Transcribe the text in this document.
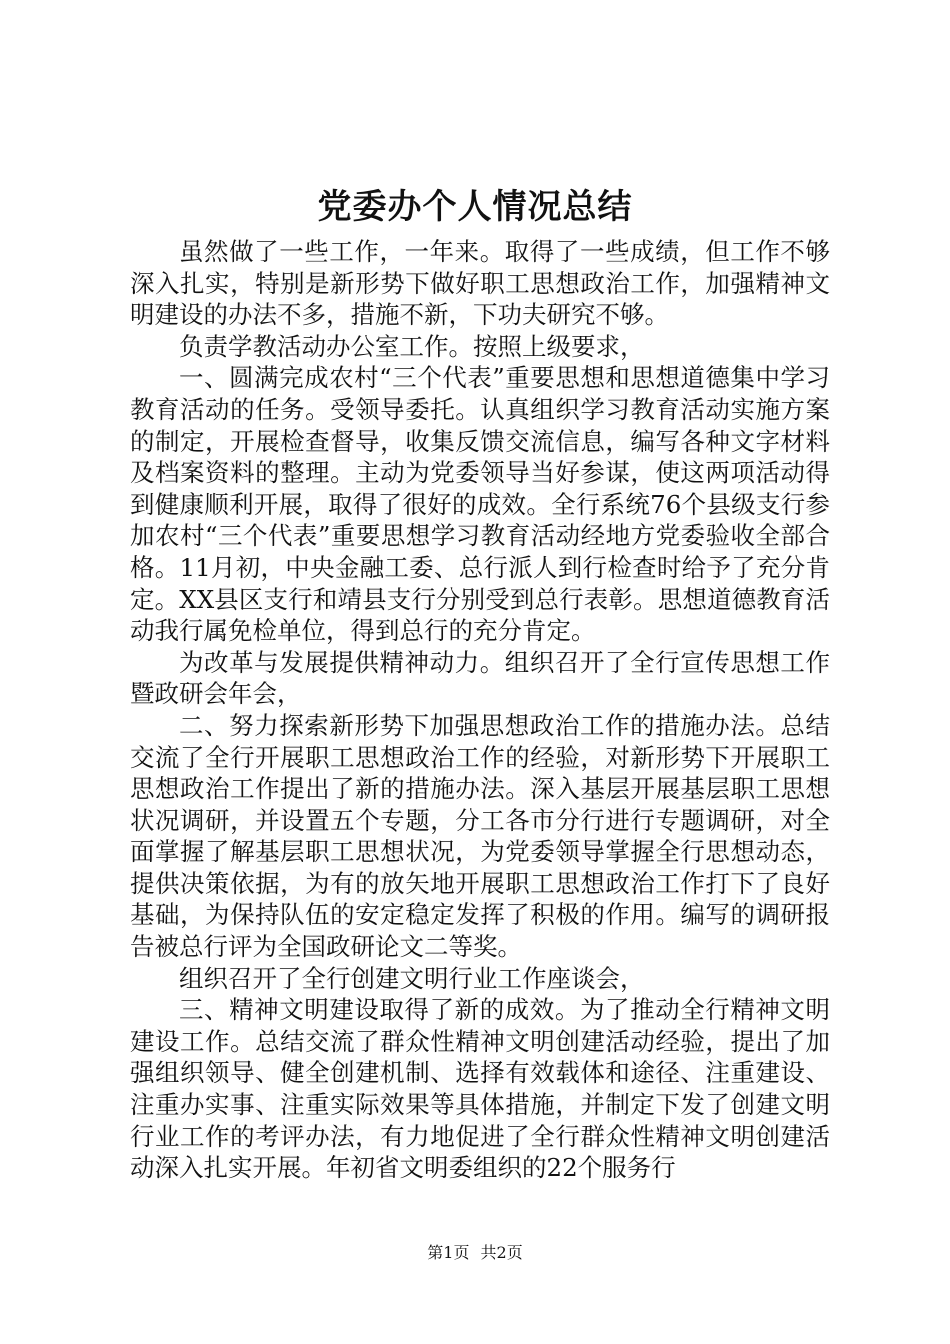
党委办个人情况总结

虽然做了一些工作，一年来。取得了一些成绩，但工作不够深入扎实，特别是新形势下做好职工思想政治工作，加强精神文明建设的办法不多，措施不新，下功夫研究不够。

负责学教活动办公室工作。按照上级要求，

一、圆满完成农村“三个代表”重要思想和思想道德集中学习教育活动的任务。受领导委托。认真组织学习教育活动实施方案的制定，开展检查督导，收集反馈交流信息，编写各种文字材料及档案资料的整理。主动为党委领导当好参谋，使这两项活动得到健康顺利开展，取得了很好的成效。全行系统76个县级支行参加农村“三个代表”重要思想学习教育活动经地方党委验收全部合格。11月初，中央金融工委、总行派人到行检查时给予了充分肯定。XX县区支行和靖县支行分别受到总行表彰。思想道德教育活动我行属免检单位，得到总行的充分肯定。

为改革与发展提供精神动力。组织召开了全行宣传思想工作暨政研会年会，

二、努力探索新形势下加强思想政治工作的措施办法。总结交流了全行开展职工思想政治工作的经验，对新形势下开展职工思想政治工作提出了新的措施办法。深入基层开展基层职工思想状况调研，并设置五个专题，分工各市分行进行专题调研，对全面掌握了解基层职工思想状况，为党委领导掌握全行思想动态，提供决策依据，为有的放矢地开展职工思想政治工作打下了良好基础，为保持队伍的安定稳定发挥了积极的作用。编写的调研报告被总行评为全国政研论文二等奖。

组织召开了全行创建文明行业工作座谈会，

三、精神文明建设取得了新的成效。为了推动全行精神文明建设工作。总结交流了群众性精神文明创建活动经验，提出了加强组织领导、健全创建机制、选择有效载体和途径、注重建设、注重办实事、注重实际效果等具体措施，并制定下发了创建文明行业工作的考评办法，有力地促进了全行群众性精神文明创建活动深入扎实开展。年初省文明委组织的22个服务行

第1页 共2页
